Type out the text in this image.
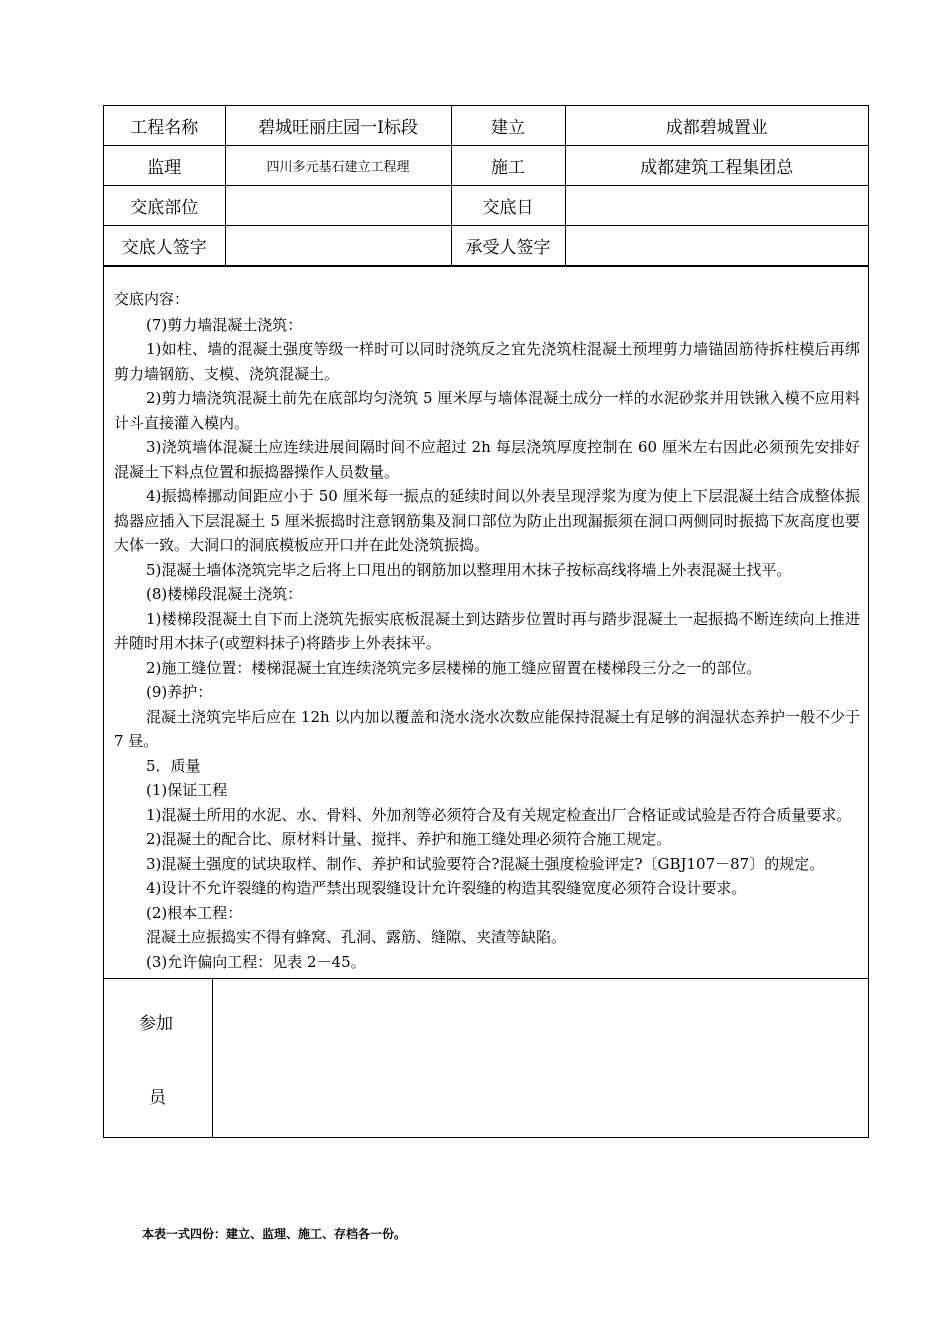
工程名称	碧城旺丽庄园一Ⅰ标段	建立	成都碧城置业
监理	四川多元基石建立工程理	施工	成都建筑工程集团总
交底部位		交底日	
交底人签字		承受人签字	

交底内容：

(7)剪力墙混凝土浇筑：

1)如柱、墙的混凝土强度等级一样时可以同时浇筑反之宜先浇筑柱混凝土预埋剪力墙锚固筋待拆柱模后再绑剪力墙钢筋、支模、浇筑混凝土。

2)剪力墙浇筑混凝土前先在底部均匀浇筑 5 厘米厚与墙体混凝土成分一样的水泥砂浆并用铁锹入模不应用料计斗直接灌入模内。

3)浇筑墙体混凝土应连续进展间隔时间不应超过 2h 每层浇筑厚度控制在 60 厘米左右因此必须预先安排好混凝土下料点位置和振捣器操作人员数量。

4)振捣棒挪动间距应小于 50 厘米每一振点的延续时间以外表呈现浮浆为度为使上下层混凝土结合成整体振捣器应插入下层混凝土 5 厘米振捣时注意钢筋集及洞口部位为防止出现漏振须在洞口两侧同时振捣下灰高度也要大体一致。大洞口的洞底模板应开口并在此处浇筑振捣。

5)混凝土墙体浇筑完毕之后将上口甩出的钢筋加以整理用木抹子按标高线将墙上外表混凝土找平。

(8)楼梯段混凝土浇筑：

1)楼梯段混凝土自下而上浇筑先振实底板混凝土到达踏步位置时再与踏步混凝土一起振捣不断连续向上推进并随时用木抹子(或塑料抹子)将踏步上外表抹平。

2)施工缝位置：楼梯混凝土宜连续浇筑完多层楼梯的施工缝应留置在楼梯段三分之一的部位。

(9)养护：

混凝土浇筑完毕后应在 12h 以内加以覆盖和浇水浇水次数应能保持混凝土有足够的润湿状态养护一般不少于 7 昼。

5．质量

(1)保证工程

1)混凝土所用的水泥、水、骨料、外加剂等必须符合及有关规定检查出厂合格证或试验是否符合质量要求。

2)混凝土的配合比、原材料计量、搅拌、养护和施工缝处理必须符合施工规定。

3)混凝土强度的试块取样、制作、养护和试验要符合?混凝土强度检验评定?〔GBJ107－87〕的规定。

4)设计不允许裂缝的构造严禁出现裂缝设计允许裂缝的构造其裂缝宽度必须符合设计要求。

(2)根本工程：

混凝土应振捣实不得有蜂窝、孔洞、露筋、缝隙、夹渣等缺陷。

(3)允许偏向工程：见表 2－45。

参加
员
本表一式四份：建立、监理、施工、存档各一份。
